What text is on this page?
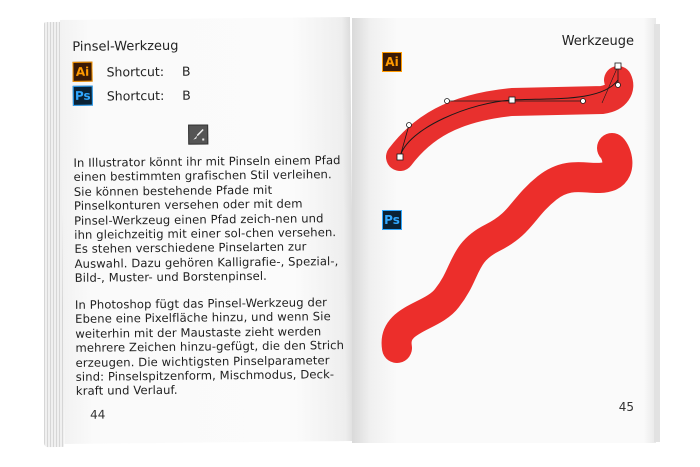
Pinsel-Werkzeug
Ai Shortcut: B
Ps Shortcut: B
In Illustrator könnt ihr mit Pinseln einem Pfad einen bestimmten grafischen Stil verleihen. Sie können bestehende Pfade mit Pinselkonturen versehen oder mit dem Pinsel-Werkzeug einen Pfad zeich-nen und ihn gleichzeitig mit einer sol-chen versehen. Es stehen verschiedene Pinselarten zur Auswahl. Dazu gehören Kalligrafie-, Spezial-, Bild-, Muster- und Borstenpinsel.
In Photoshop fügt das Pinsel-Werkzeug der Ebene eine Pixelfläche hinzu, und wenn Sie weiterhin mit der Maustaste zieht werden mehrere Zeichen hinzu-gefügt, die den Strich erzeugen. Die wichtigsten Pinselparameter sind: Pinselspitzenform, Mischmodus, Deck-kraft und Verlauf.
44
Werkzeuge
Ai
Ps
45
